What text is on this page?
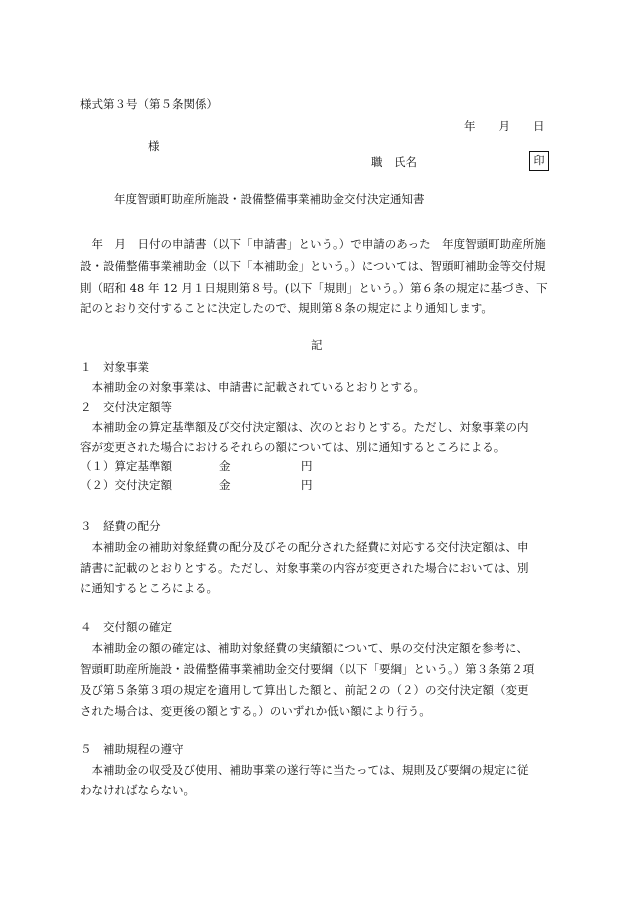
様式第３号（第５条関係）
年　　月　　日
様
職　氏名	印
年度智頭町助産所施設・設備整備事業補助金交付決定通知書
　年　月　日付の申請書（以下「申請書」という。）で申請のあった　年度智頭町助産所施
設・設備整備事業補助金（以下「本補助金」という。）については、智頭町補助金等交付規
則（昭和 48 年 12 月１日規則第８号。(以下「規則」という。）第６条の規定に基づき、下
記のとおり交付することに決定したので、規則第８条の規定により通知します。
記
１　対象事業
　本補助金の対象事業は、申請書に記載されているとおりとする。
２　交付決定額等
　本補助金の算定基準額及び交付決定額は、次のとおりとする。ただし、対象事業の内
容が変更された場合におけるそれらの額については、別に通知するところによる。
（１）算定基準額	金	円
（２）交付決定額	金	円
３　経費の配分
　本補助金の補助対象経費の配分及びその配分された経費に対応する交付決定額は、申
請書に記載のとおりとする。ただし、対象事業の内容が変更された場合においては、別
に通知するところによる。
４　交付額の確定
　本補助金の額の確定は、補助対象経費の実績額について、県の交付決定額を参考に、
智頭町助産所施設・設備整備事業補助金交付要綱（以下「要綱」という。）第３条第２項
及び第５条第３項の規定を適用して算出した額と、前記２の（２）の交付決定額（変更
された場合は、変更後の額とする。）のいずれか低い額により行う。
５　補助規程の遵守
　本補助金の収受及び使用、補助事業の遂行等に当たっては、規則及び要綱の規定に従
わなければならない。
